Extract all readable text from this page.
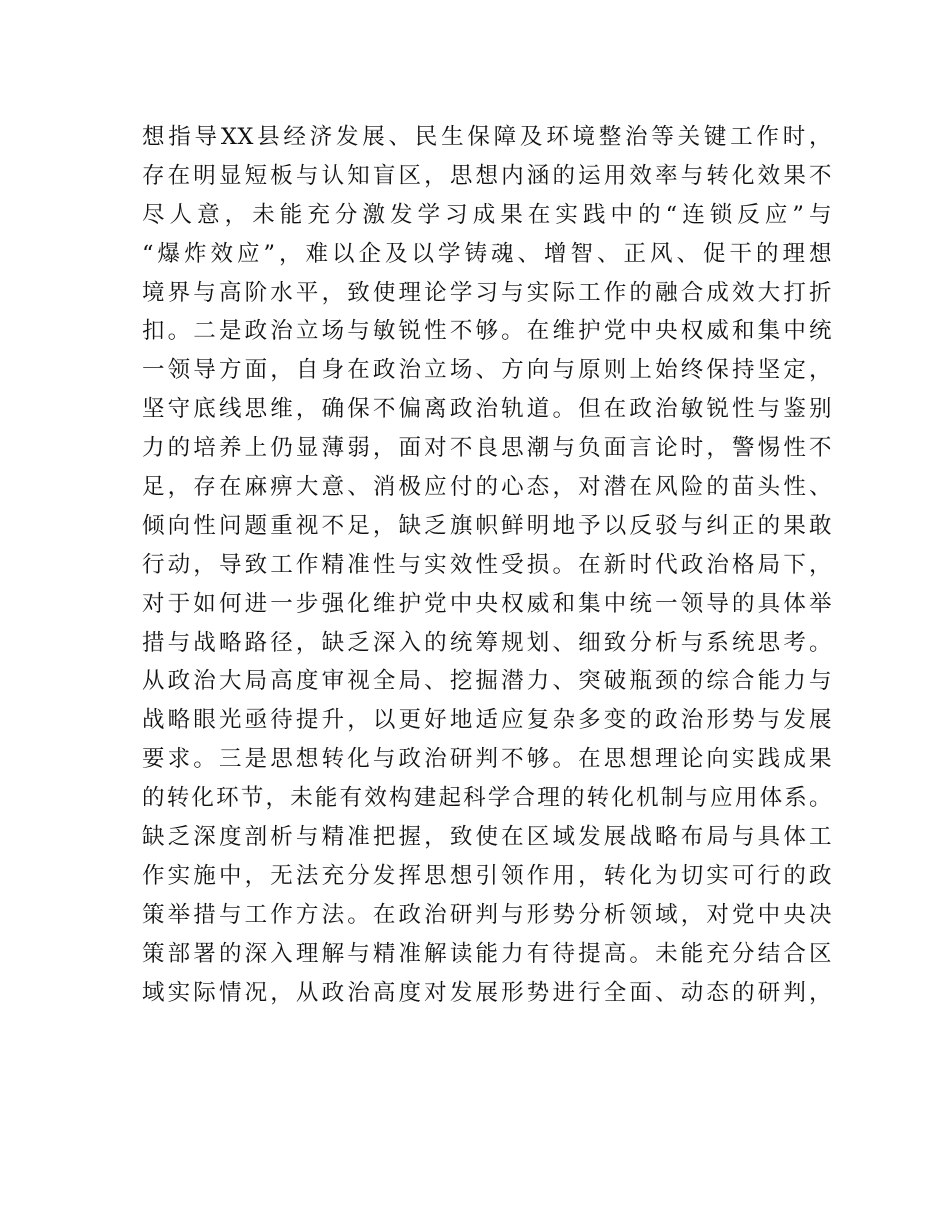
想指导XX县经济发展、民生保障及环境整治等关键工作时，
存在明显短板与认知盲区，思想内涵的运用效率与转化效果不
尽人意，未能充分激发学习成果在实践中的“连锁反应”与
“爆炸效应”，难以企及以学铸魂、增智、正风、促干的理想
境界与高阶水平，致使理论学习与实际工作的融合成效大打折
扣。二是政治立场与敏锐性不够。在维护党中央权威和集中统
一领导方面，自身在政治立场、方向与原则上始终保持坚定，
坚守底线思维，确保不偏离政治轨道。但在政治敏锐性与鉴别
力的培养上仍显薄弱，面对不良思潮与负面言论时，警惕性不
足，存在麻痹大意、消极应付的心态，对潜在风险的苗头性、
倾向性问题重视不足，缺乏旗帜鲜明地予以反驳与纠正的果敢
行动，导致工作精准性与实效性受损。在新时代政治格局下，
对于如何进一步强化维护党中央权威和集中统一领导的具体举
措与战略路径，缺乏深入的统筹规划、细致分析与系统思考。
从政治大局高度审视全局、挖掘潜力、突破瓶颈的综合能力与
战略眼光亟待提升，以更好地适应复杂多变的政治形势与发展
要求。三是思想转化与政治研判不够。在思想理论向实践成果
的转化环节，未能有效构建起科学合理的转化机制与应用体系。
缺乏深度剖析与精准把握，致使在区域发展战略布局与具体工
作实施中，无法充分发挥思想引领作用，转化为切实可行的政
策举措与工作方法。在政治研判与形势分析领域，对党中央决
策部署的深入理解与精准解读能力有待提高。未能充分结合区
域实际情况，从政治高度对发展形势进行全面、动态的研判，
